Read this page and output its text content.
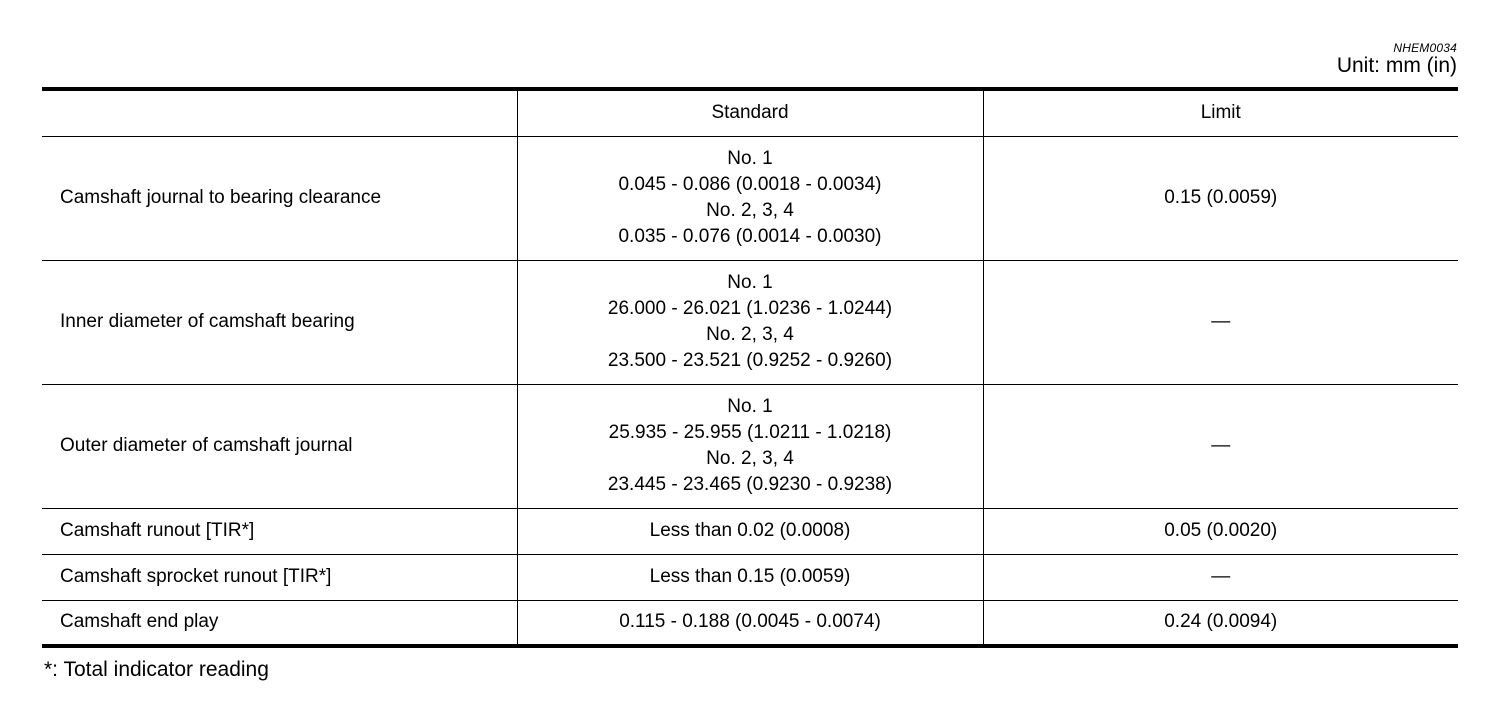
NHEM0034
Unit: mm (in)
	Standard	Limit
Camshaft journal to bearing clearance	No. 1
0.045 - 0.086 (0.0018 - 0.0034)
No. 2, 3, 4
0.035 - 0.076 (0.0014 - 0.0030)	0.15 (0.0059)
Inner diameter of camshaft bearing	No. 1
26.000 - 26.021 (1.0236 - 1.0244)
No. 2, 3, 4
23.500 - 23.521 (0.9252 - 0.9260)	—
Outer diameter of camshaft journal	No. 1
25.935 - 25.955 (1.0211 - 1.0218)
No. 2, 3, 4
23.445 - 23.465 (0.9230 - 0.9238)	—
Camshaft runout [TIR*]	Less than 0.02 (0.0008)	0.05 (0.0020)
Camshaft sprocket runout [TIR*]	Less than 0.15 (0.0059)	—
Camshaft end play	0.115 - 0.188 (0.0045 - 0.0074)	0.24 (0.0094)
*: Total indicator reading
